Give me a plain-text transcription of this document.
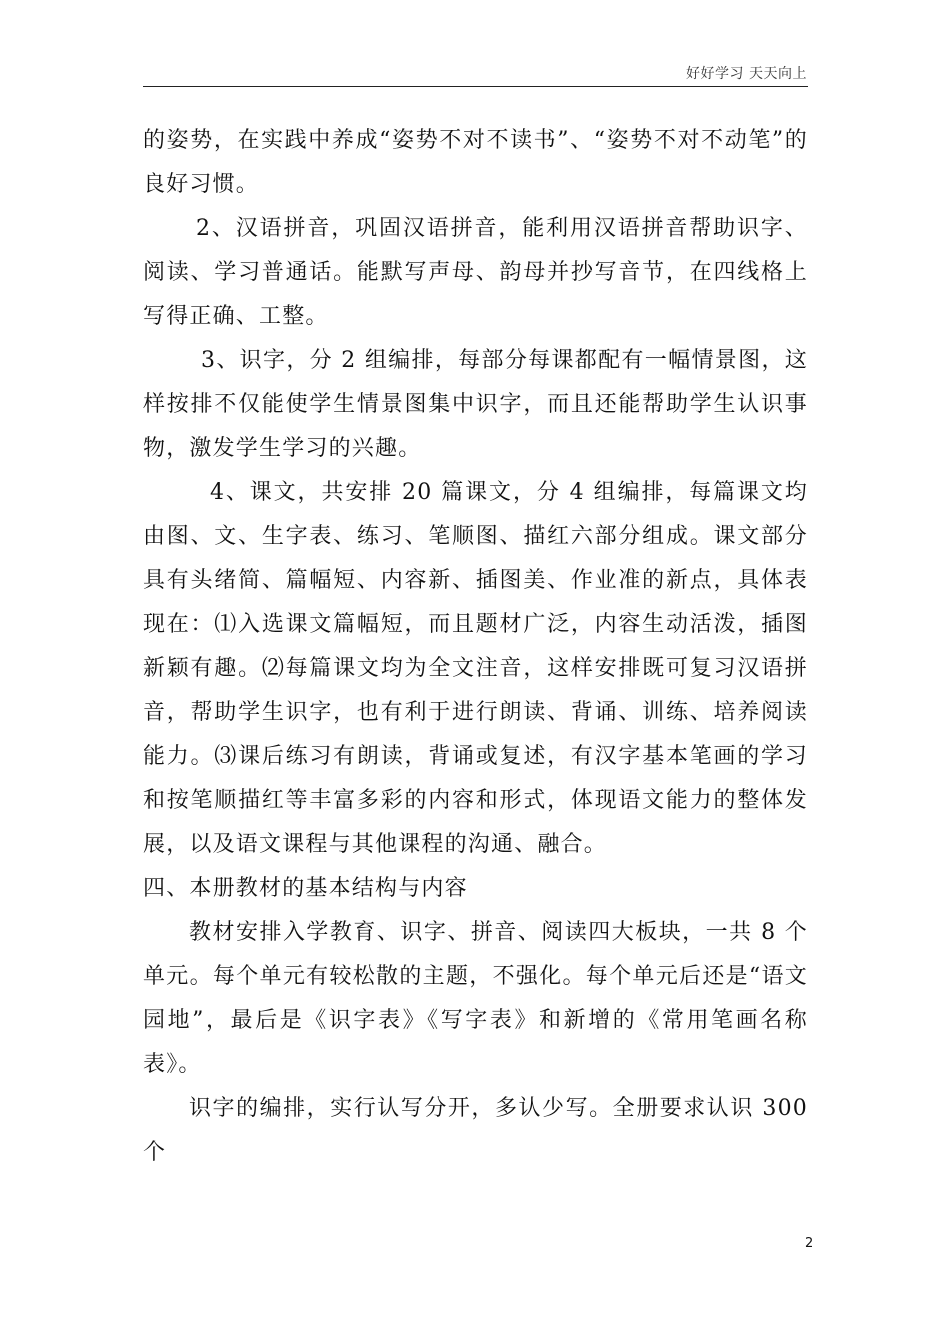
好好学习 天天向上

的姿势，在实践中养成“姿势不对不读书”、“姿势不对不动笔”的良好习惯。

2、汉语拼音，巩固汉语拼音，能利用汉语拼音帮助识字、阅读、学习普通话。能默写声母、韵母并抄写音节，在四线格上写得正确、工整。

3、识字，分 2 组编排，每部分每课都配有一幅情景图，这样按排不仅能使学生情景图集中识字，而且还能帮助学生认识事物，激发学生学习的兴趣。

4、课文，共安排 20 篇课文，分 4 组编排，每篇课文均由图、文、生字表、练习、笔顺图、描红六部分组成。课文部分具有头绪简、篇幅短、内容新、插图美、作业准的新点，具体表现在：⑴入选课文篇幅短，而且题材广泛，内容生动活泼，插图新颖有趣。⑵每篇课文均为全文注音，这样安排既可复习汉语拼音，帮助学生识字，也有利于进行朗读、背诵、训练、培养阅读能力。⑶课后练习有朗读，背诵或复述，有汉字基本笔画的学习和按笔顺描红等丰富多彩的内容和形式，体现语文能力的整体发展，以及语文课程与其他课程的沟通、融合。

四、本册教材的基本结构与内容

教材安排入学教育、识字、拼音、阅读四大板块，一共 8 个单元。每个单元有较松散的主题，不强化。每个单元后还是“语文园地”，最后是《识字表》《写字表》和新增的《常用笔画名称表》。

识字的编排，实行认写分开，多认少写。全册要求认识 300 个

2
